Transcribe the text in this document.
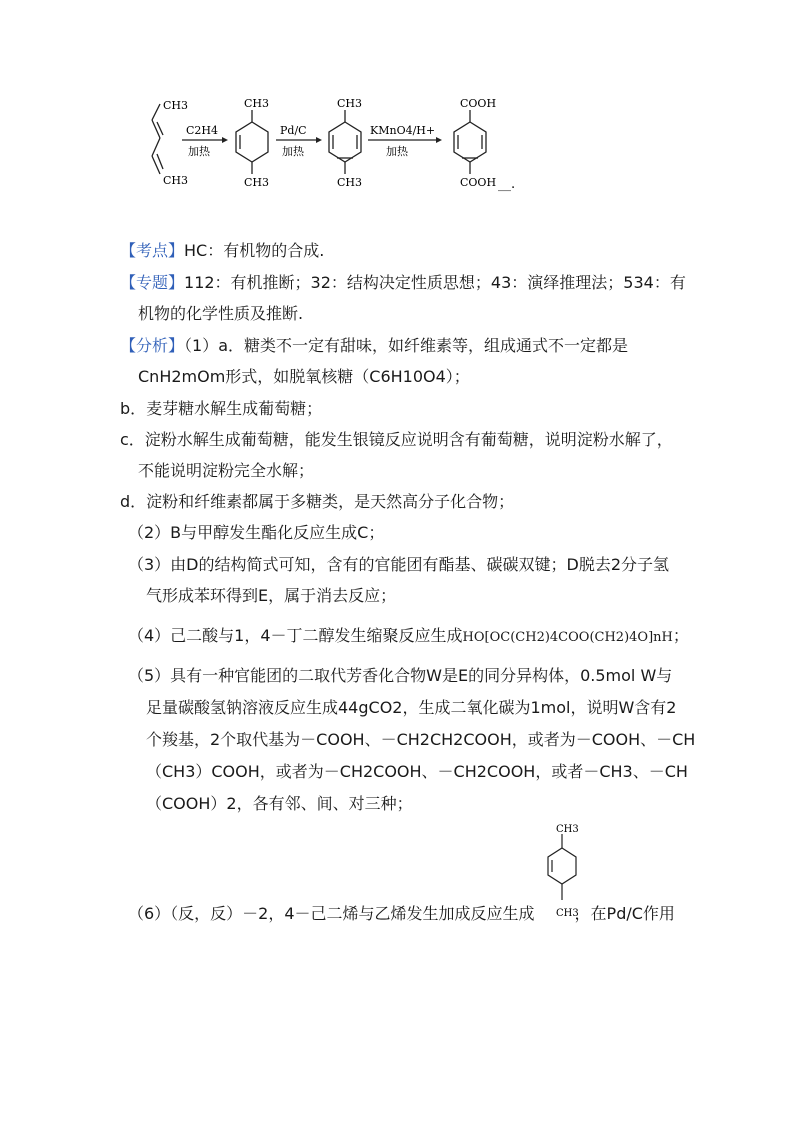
CH3
CH3
C2H4
加热
CH3
CH3
Pd/C
加热
CH3
CH3
KMnO4/H+
加热
COOH
COOH __.
【考点】HC：有机物的合成.
【专题】112：有机推断；32：结构决定性质思想；43：演绎推理法；534：有
机物的化学性质及推断.
【分析】（1）a．糖类不一定有甜味，如纤维素等，组成通式不一定都是
CnH2mOm形式，如脱氧核糖（C6H10O4）；
b．麦芽糖水解生成葡萄糖；
c．淀粉水解生成葡萄糖，能发生银镜反应说明含有葡萄糖，说明淀粉水解了，
不能说明淀粉完全水解；
d．淀粉和纤维素都属于多糖类，是天然高分子化合物；
（2）B与甲醇发生酯化反应生成C；
（3）由D的结构简式可知，含有的官能团有酯基、碳碳双键；D脱去2分子氢
气形成苯环得到E，属于消去反应；
（4）己二酸与1，4－丁二醇发生缩聚反应生成HO[OC(CH2)4COO(CH2)4O]nH；
（5）具有一种官能团的二取代芳香化合物W是E的同分异构体，0.5mol W与
足量碳酸氢钠溶液反应生成44gCO2，生成二氧化碳为1mol，说明W含有2
个羧基，2个取代基为－COOH、－CH2CH2COOH，或者为－COOH、－CH
（CH3）COOH，或者为－CH2COOH、－CH2COOH，或者－CH3、－CH
（COOH）2，各有邻、间、对三种；
（6）（反，反）－2，4－己二烯与乙烯发生加成反应生成	，在Pd/C作用
CH3
CH3
